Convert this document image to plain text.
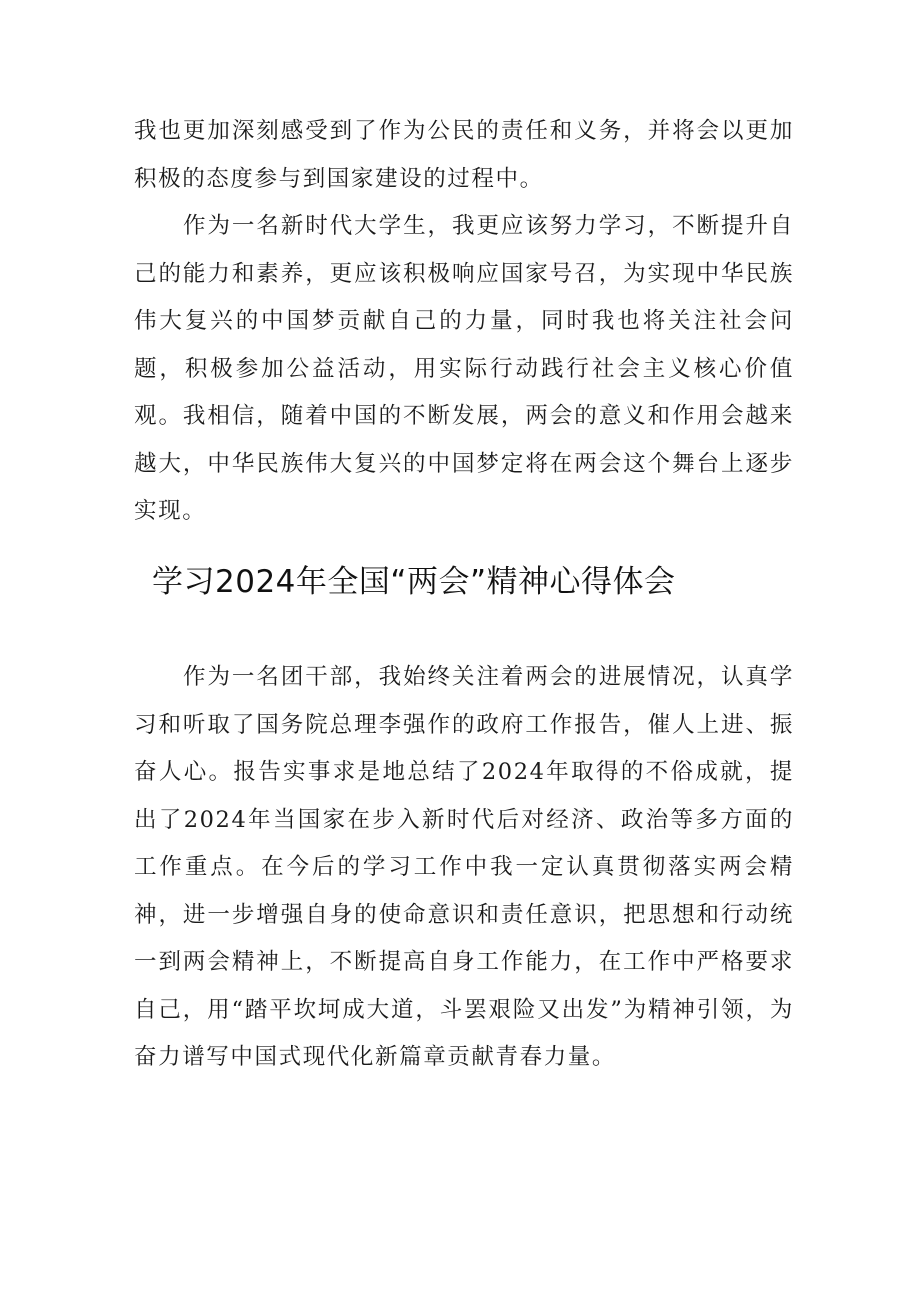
我也更加深刻感受到了作为公民的责任和义务，并将会以更加积极的态度参与到国家建设的过程中。

作为一名新时代大学生，我更应该努力学习，不断提升自己的能力和素养，更应该积极响应国家号召，为实现中华民族伟大复兴的中国梦贡献自己的力量，同时我也将关注社会问题，积极参加公益活动，用实际行动践行社会主义核心价值观。我相信，随着中国的不断发展，两会的意义和作用会越来越大，中华民族伟大复兴的中国梦定将在两会这个舞台上逐步实现。

学习2024年全国“两会”精神心得体会

作为一名团干部，我始终关注着两会的进展情况，认真学习和听取了国务院总理李强作的政府工作报告，催人上进、振奋人心。报告实事求是地总结了2024年取得的不俗成就，提出了2024年当国家在步入新时代后对经济、政治等多方面的工作重点。在今后的学习工作中我一定认真贯彻落实两会精神，进一步增强自身的使命意识和责任意识，把思想和行动统一到两会精神上，不断提高自身工作能力，在工作中严格要求自己，用“踏平坎坷成大道，斗罢艰险又出发”为精神引领，为奋力谱写中国式现代化新篇章贡献青春力量。
